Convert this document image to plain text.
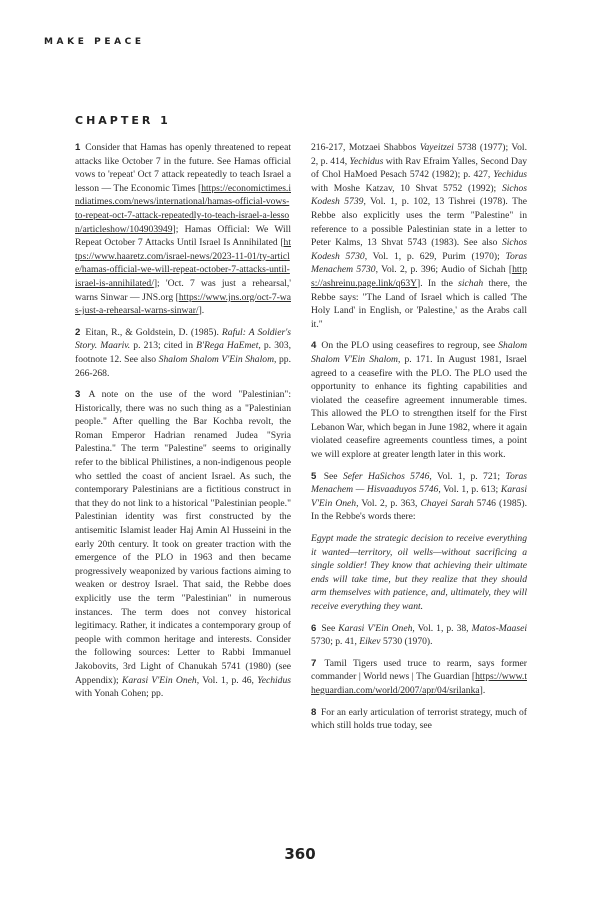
MAKE PEACE
CHAPTER 1

1 Consider that Hamas has openly threatened to repeat attacks like October 7 in the future. See Hamas official vows to 'repeat' Oct 7 attack repeatedly to teach Israel a lesson — The Economic Times [https://economictimes.indiatimes.com/news/international/hamas-official-vows-to-repeat-oct-7-attack-repeatedly-to-teach-israel-a-lesson/articleshow/104903949]; Hamas Official: We Will Repeat October 7 Attacks Until Israel Is Annihilated [https://www.haaretz.com/israel-news/2023-11-01/ty-article/hamas-official-we-will-repeat-october-7-attacks-until-israel-is-annihilated/]; 'Oct. 7 was just a rehearsal,' warns Sinwar — JNS.org [https://www.jns.org/oct-7-was-just-a-rehearsal-warns-sinwar/].

2 Eitan, R., & Goldstein, D. (1985). Raful: A Soldier's Story. Maariv. p. 213; cited in B'Rega HaEmet, p. 303, footnote 12. See also Shalom Shalom V'Ein Shalom, pp. 266-268.

3 A note on the use of the word "Palestinian": Historically, there was no such thing as a "Palestinian people." After quelling the Bar Kochba revolt, the Roman Emperor Hadrian renamed Judea "Syria Palestina." The term "Palestine" seems to originally refer to the biblical Philistines, a non-indigenous people who settled the coast of ancient Israel. As such, the contemporary Palestinians are a fictitious construct in that they do not link to a historical "Palestinian people." Palestinian identity was first constructed by the antisemitic Islamist leader Haj Amin Al Husseini in the early 20th century. It took on greater traction with the emergence of the PLO in 1963 and then became progressively weaponized by various factions aiming to weaken or destroy Israel. That said, the Rebbe does explicitly use the term "Palestinian" in numerous instances. The term does not convey historical legitimacy. Rather, it indicates a contemporary group of people with common heritage and interests. Consider the following sources: Letter to Rabbi Immanuel Jakobovits, 3rd Light of Chanukah 5741 (1980) (see Appendix); Karasi V'Ein Oneh, Vol. 1, p. 46, Yechidus with Yonah Cohen; pp.

216-217, Motzaei Shabbos Vayeitzei 5738 (1977); Vol. 2, p. 414, Yechidus with Rav Efraim Yalles, Second Day of Chol HaMoed Pesach 5742 (1982); p. 427, Yechidus with Moshe Katzav, 10 Shvat 5752 (1992); Sichos Kodesh 5739, Vol. 1, p. 102, 13 Tishrei (1978). The Rebbe also explicitly uses the term "Palestine" in reference to a possible Palestinian state in a letter to Peter Kalms, 13 Shvat 5743 (1983). See also Sichos Kodesh 5730, Vol. 1, p. 629, Purim (1970); Toras Menachem 5730, Vol. 2, p. 396; Audio of Sichah [https://ashreinu.page.link/q63Y]. In the sichah there, the Rebbe says: "The Land of Israel which is called 'The Holy Land' in English, or 'Palestine,' as the Arabs call it."

4 On the PLO using ceasefires to regroup, see Shalom Shalom V'Ein Shalom, p. 171. In August 1981, Israel agreed to a ceasefire with the PLO. The PLO used the opportunity to enhance its fighting capabilities and violated the ceasefire agreement innumerable times. This allowed the PLO to strengthen itself for the First Lebanon War, which began in June 1982, where it again violated ceasefire agreements countless times, a point we will explore at greater length later in this work.

5 See Sefer HaSichos 5746, Vol. 1, p. 721; Toras Menachem — Hisvaaduyos 5746, Vol. 1, p. 613; Karasi V'Ein Oneh, Vol. 2, p. 363, Chayei Sarah 5746 (1985). In the Rebbe's words there:

Egypt made the strategic decision to receive everything it wanted—territory, oil wells—without sacrificing a single soldier! They know that achieving their ultimate ends will take time, but they realize that they should arm themselves with patience, and, ultimately, they will receive everything they want.

6 See Karasi V'Ein Oneh, Vol. 1, p. 38, Matos-Maasei 5730; p. 41, Eikev 5730 (1970).

7 Tamil Tigers used truce to rearm, says former commander | World news | The Guardian [https://www.theguardian.com/world/2007/apr/04/srilanka].

8 For an early articulation of terrorist strategy, much of which still holds true today, see

360
